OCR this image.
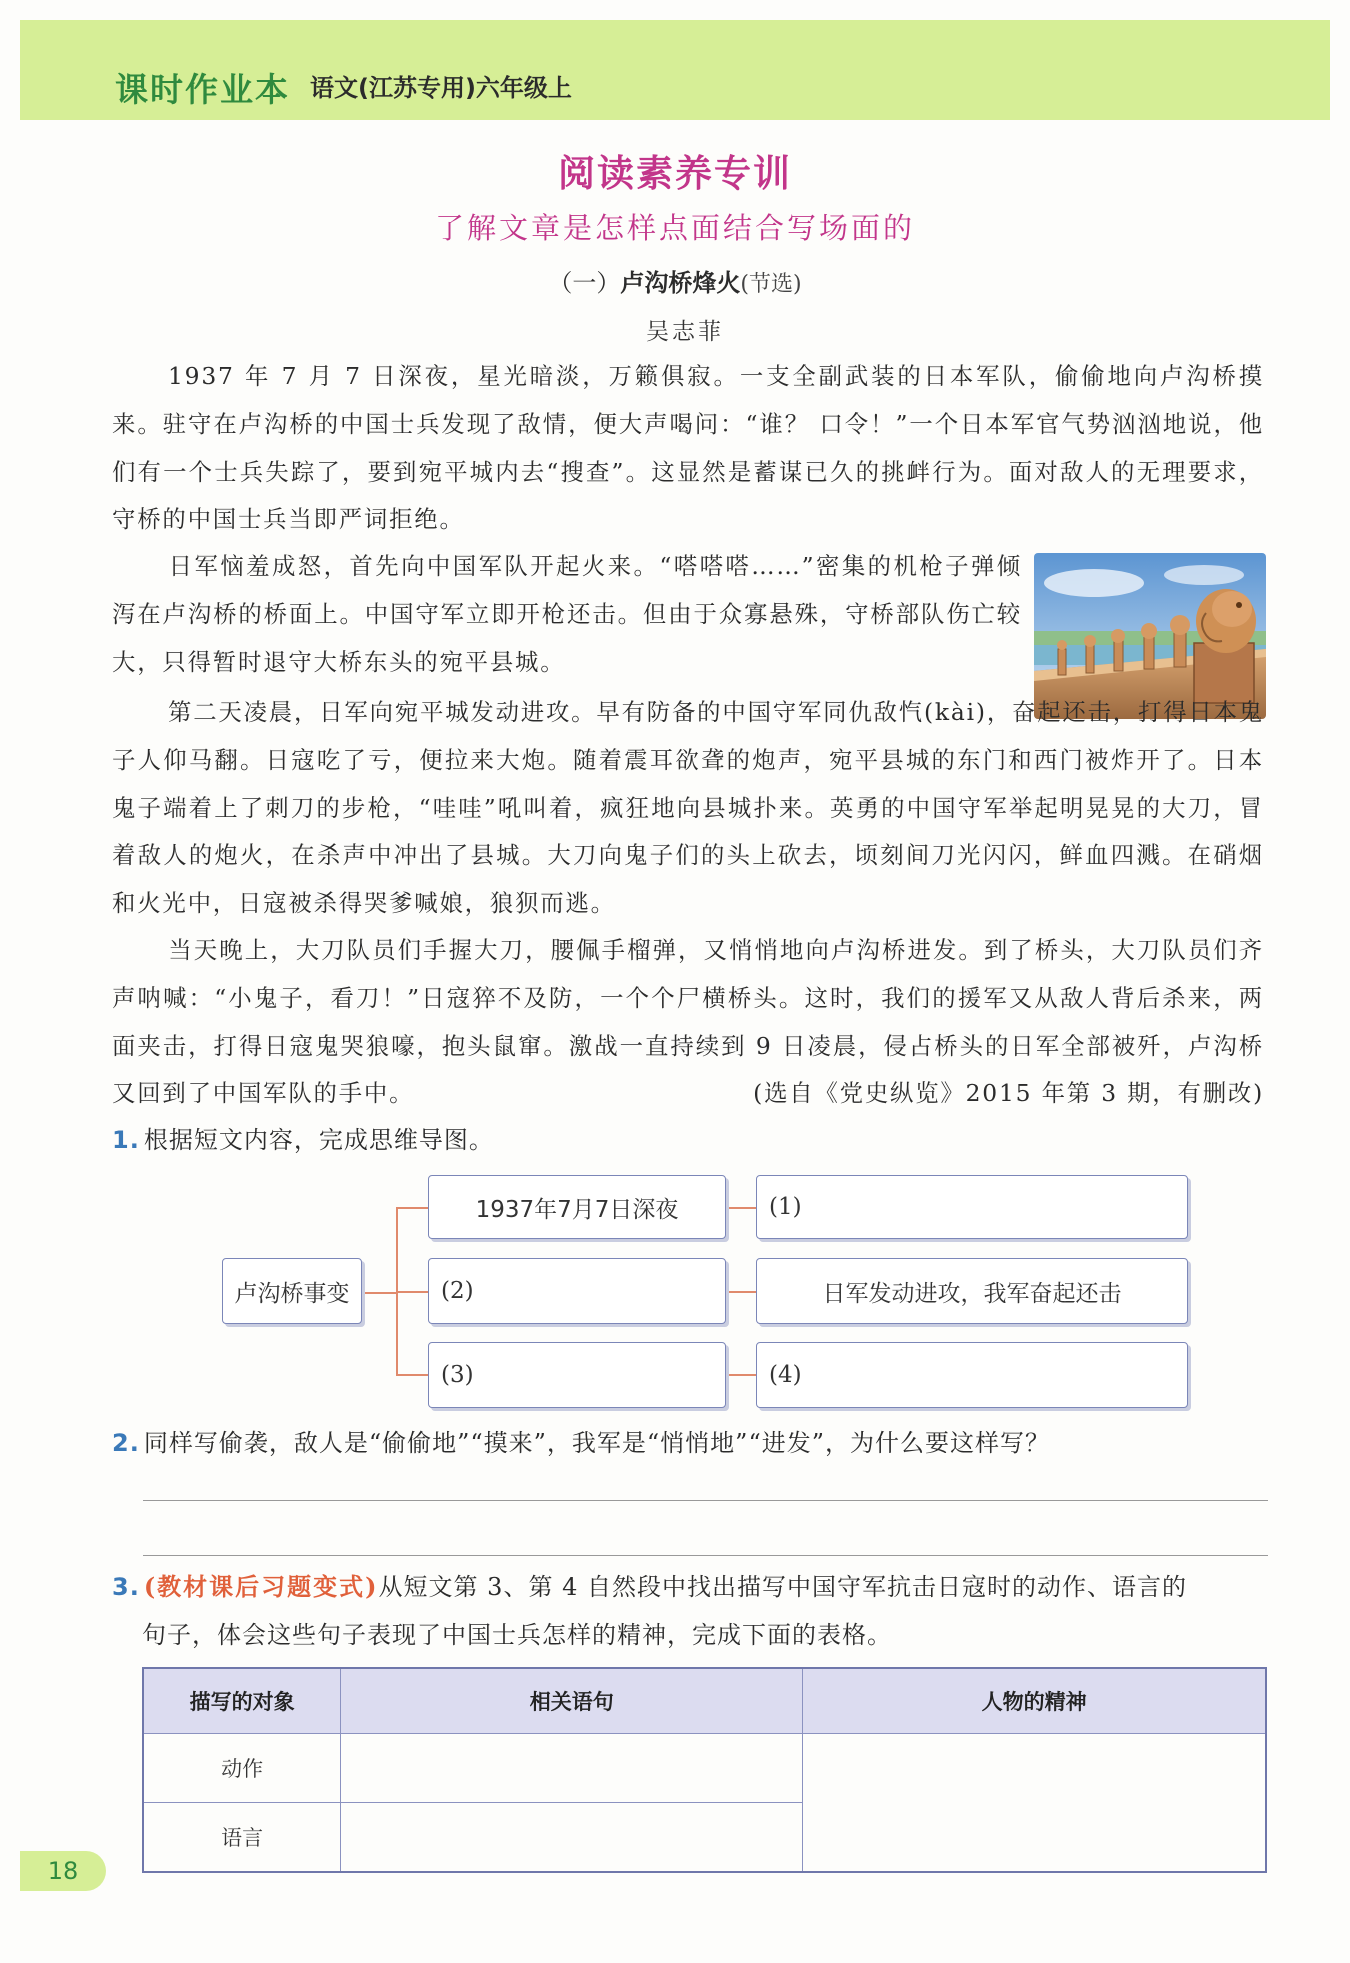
课时作业本 语文(江苏专用)六年级上
阅读素养专训
了解文章是怎样点面结合写场面的
（一）卢沟桥烽火(节选)
吴志菲
1937 年 7 月 7 日深夜，星光暗淡，万籁俱寂。一支全副武装的日本军队，偷偷地向卢沟桥摸来。驻守在卢沟桥的中国士兵发现了敌情，便大声喝问：“谁？ 口令！”一个日本军官气势汹汹地说，他们有一个士兵失踪了，要到宛平城内去“搜查”。这显然是蓄谋已久的挑衅行为。面对敌人的无理要求，守桥的中国士兵当即严词拒绝。
日军恼羞成怒，首先向中国军队开起火来。“嗒嗒嗒……”密集的机枪子弹倾泻在卢沟桥的桥面上。中国守军立即开枪还击。但由于众寡悬殊，守桥部队伤亡较大，只得暂时退守大桥东头的宛平县城。
第二天凌晨，日军向宛平城发动进攻。早有防备的中国守军同仇敌忾(kài)，奋起还击，打得日本鬼子人仰马翻。日寇吃了亏，便拉来大炮。随着震耳欲聋的炮声，宛平县城的东门和西门被炸开了。日本鬼子端着上了刺刀的步枪，“哇哇”吼叫着，疯狂地向县城扑来。英勇的中国守军举起明晃晃的大刀，冒着敌人的炮火，在杀声中冲出了县城。大刀向鬼子们的头上砍去，顷刻间刀光闪闪，鲜血四溅。在硝烟和火光中，日寇被杀得哭爹喊娘，狼狈而逃。
当天晚上，大刀队员们手握大刀，腰佩手榴弹，又悄悄地向卢沟桥进发。到了桥头，大刀队员们齐声呐喊：“小鬼子，看刀！”日寇猝不及防，一个个尸横桥头。这时，我们的援军又从敌人背后杀来，两面夹击，打得日寇鬼哭狼嚎，抱头鼠窜。激战一直持续到 9 日凌晨，侵占桥头的日军全部被歼，卢沟桥又回到了中国军队的手中。	(选自《党史纵览》2015 年第 3 期，有删改)
1. 根据短文内容，完成思维导图。
卢沟桥事变
1937年7月7日深夜
(2)
(3)
(1)
日军发动进攻，我军奋起还击
(4)
2. 同样写偷袭，敌人是“偷偷地”“摸来”，我军是“悄悄地”“进发”，为什么要这样写？
3. (教材课后习题变式)从短文第 3、第 4 自然段中找出描写中国守军抗击日寇时的动作、语言的
句子，体会这些句子表现了中国士兵怎样的精神，完成下面的表格。
描写的对象	相关语句	人物的精神
动作		
语言		
18
